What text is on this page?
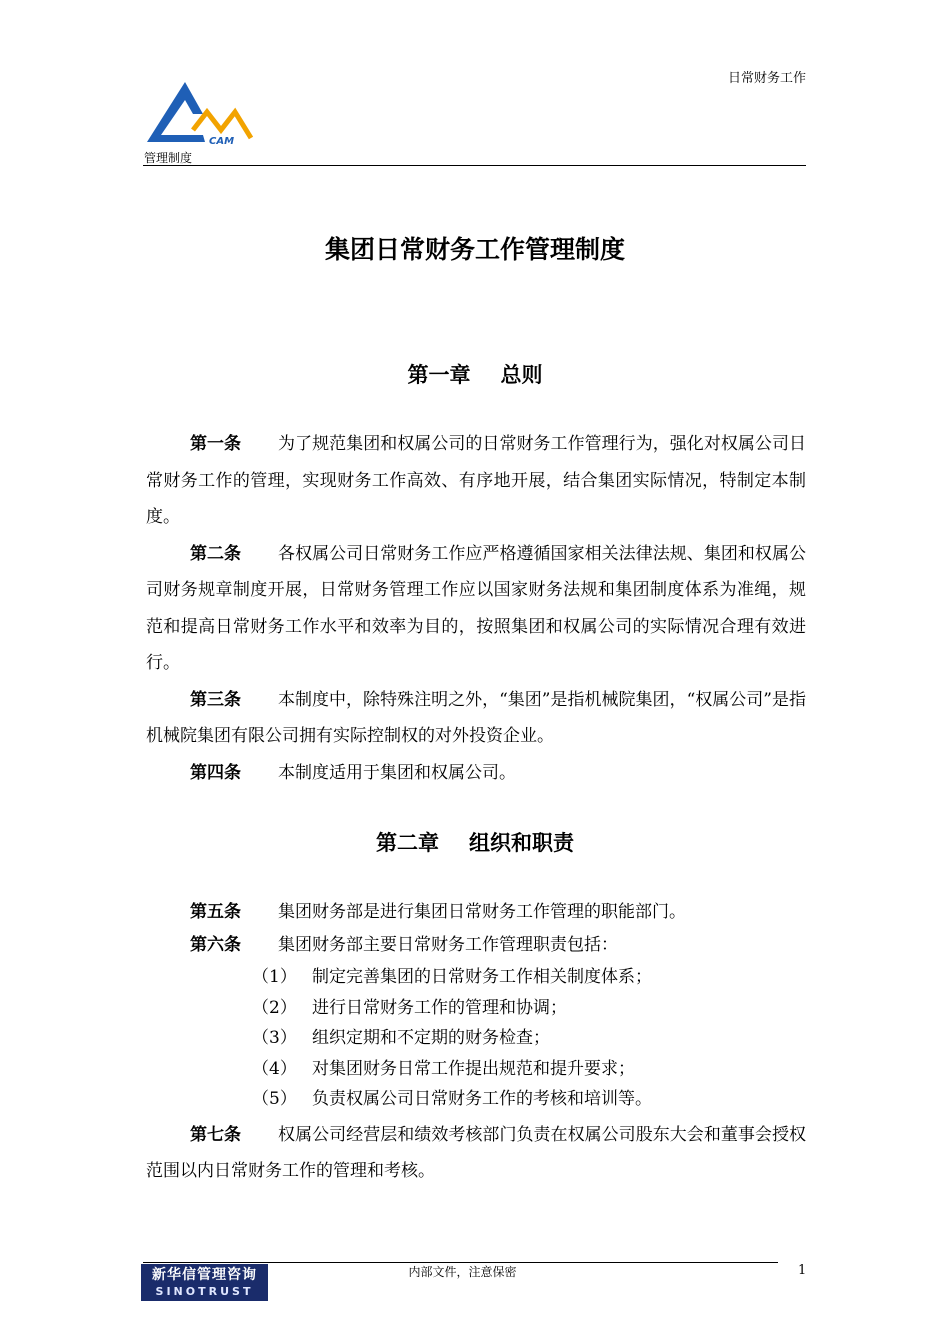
日常财务工作
CAM
管理制度
集团日常财务工作管理制度
第一章 总则
第一条 为了规范集团和权属公司的日常财务工作管理行为，强化对权属公司日常财务工作的管理，实现财务工作高效、有序地开展，结合集团实际情况，特制定本制度。
第二条 各权属公司日常财务工作应严格遵循国家相关法律法规、集团和权属公司财务规章制度开展，日常财务管理工作应以国家财务法规和集团制度体系为准绳，规范和提高日常财务工作水平和效率为目的，按照集团和权属公司的实际情况合理有效进行。
第三条 本制度中，除特殊注明之外，“集团”是指机械院集团，“权属公司”是指机械院集团有限公司拥有实际控制权的对外投资企业。
第四条 本制度适用于集团和权属公司。
第二章 组织和职责
第五条 集团财务部是进行集团日常财务工作管理的职能部门。
第六条 集团财务部主要日常财务工作管理职责包括：
（1） 制定完善集团的日常财务工作相关制度体系；
（2） 进行日常财务工作的管理和协调；
（3） 组织定期和不定期的财务检查；
（4） 对集团财务日常工作提出规范和提升要求；
（5） 负责权属公司日常财务工作的考核和培训等。
第七条 权属公司经营层和绩效考核部门负责在权属公司股东大会和董事会授权范围以内日常财务工作的管理和考核。
新华信管理咨询
SINOTRUST
内部文件，注意保密	1
